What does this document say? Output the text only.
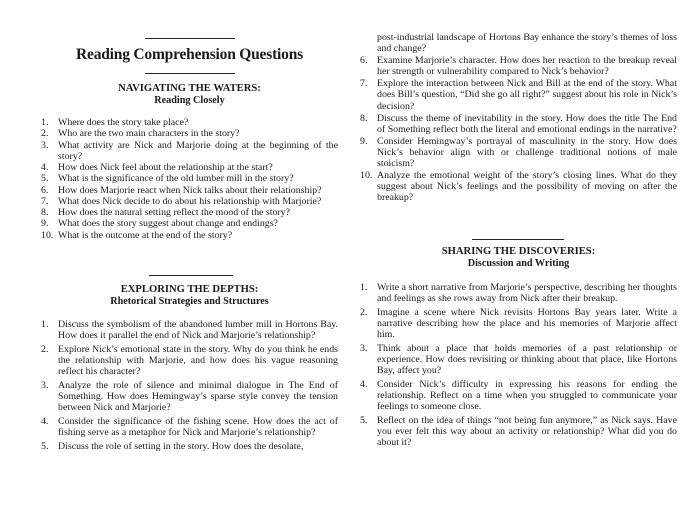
Reading Comprehension Questions
NAVIGATING THE WATERS:
Reading Closely
1. Where does the story take place?
2. Who are the two main characters in the story?
3. What activity are Nick and Marjorie doing at the beginning of the story?
4. How does Nick feel about the relationship at the start?
5. What is the significance of the old lumber mill in the story?
6. How does Marjorie react when Nick talks about their relationship?
7. What does Nick decide to do about his relationship with Marjorie?
8. How does the natural setting reflect the mood of the story?
9. What does the story suggest about change and endings?
10. What is the outcome at the end of the story?
EXPLORING THE DEPTHS:
Rhetorical Strategies and Structures
1. Discuss the symbolism of the abandoned lumber mill in Hortons Bay. How does it parallel the end of Nick and Marjorie’s relationship?
2. Explore Nick’s emotional state in the story. Why do you think he ends the relationship with Marjorie, and how does his vague reasoning reflect his character?
3. Analyze the role of silence and minimal dialogue in The End of Something. How does Hemingway’s sparse style convey the tension between Nick and Marjorie?
4. Consider the significance of the fishing scene. How does the act of fishing serve as a metaphor for Nick and Marjorie’s relationship?
5. Discuss the role of setting in the story. How does the desolate,
post-industrial landscape of Hortons Bay enhance the story’s themes of loss and change?
6. Examine Marjorie’s character. How does her reaction to the breakup reveal her strength or vulnerability compared to Nick’s behavior?
7. Explore the interaction between Nick and Bill at the end of the story. What does Bill’s question, “Did she go all right?” suggest about his role in Nick’s decision?
8. Discuss the theme of inevitability in the story. How does the title The End of Something reflect both the literal and emotional endings in the narrative?
9. Consider Hemingway’s portrayal of masculinity in the story. How does Nick’s behavior align with or challenge traditional notions of male stoicism?
10. Analyze the emotional weight of the story’s closing lines. What do they suggest about Nick’s feelings and the possibility of moving on after the breakup?
SHARING THE DISCOVERIES:
Discussion and Writing
1. Write a short narrative from Marjorie’s perspective, describing her thoughts and feelings as she rows away from Nick after their breakup.
2. Imagine a scene where Nick revisits Hortons Bay years later. Write a narrative describing how the place and his memories of Marjorie affect him.
3. Think about a place that holds memories of a past relationship or experience. How does revisiting or thinking about that place, like Hortons Bay, affect you?
4. Consider Nick’s difficulty in expressing his reasons for ending the relationship. Reflect on a time when you struggled to communicate your feelings to someone close.
5. Reflect on the idea of things “not being fun anymore,” as Nick says. Have you ever felt this way about an activity or relationship? What did you do about it?
